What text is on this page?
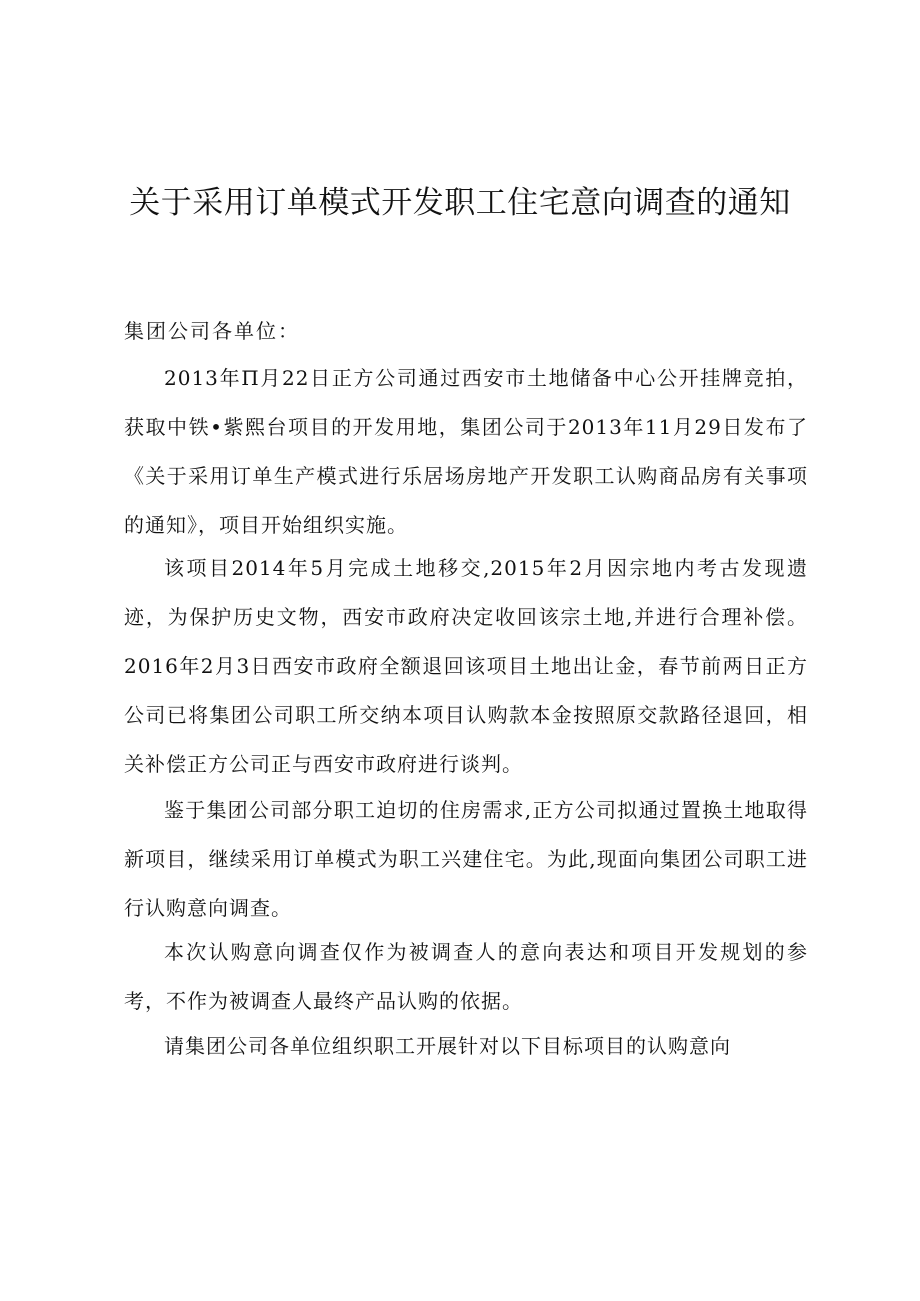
关于采用订单模式开发职工住宅意向调查的通知

集团公司各单位：

2013年Π月22日正方公司通过西安市土地储备中心公开挂牌竞拍，获取中铁•紫熙台项目的开发用地，集团公司于2013年11月29日发布了《关于采用订单生产模式进行乐居场房地产开发职工认购商品房有关事项的通知》，项目开始组织实施。

该项目2014年5月完成土地移交,2015年2月因宗地内考古发现遗迹，为保护历史文物，西安市政府决定收回该宗土地,并进行合理补偿。2016年2月3日西安市政府全额退回该项目土地出让金，春节前两日正方公司已将集团公司职工所交纳本项目认购款本金按照原交款路径退回，相关补偿正方公司正与西安市政府进行谈判。

鉴于集团公司部分职工迫切的住房需求,正方公司拟通过置换土地取得新项目，继续采用订单模式为职工兴建住宅。为此,现面向集团公司职工进行认购意向调查。

本次认购意向调查仅作为被调查人的意向表达和项目开发规划的参考，不作为被调查人最终产品认购的依据。

请集团公司各单位组织职工开展针对以下目标项目的认购意向
